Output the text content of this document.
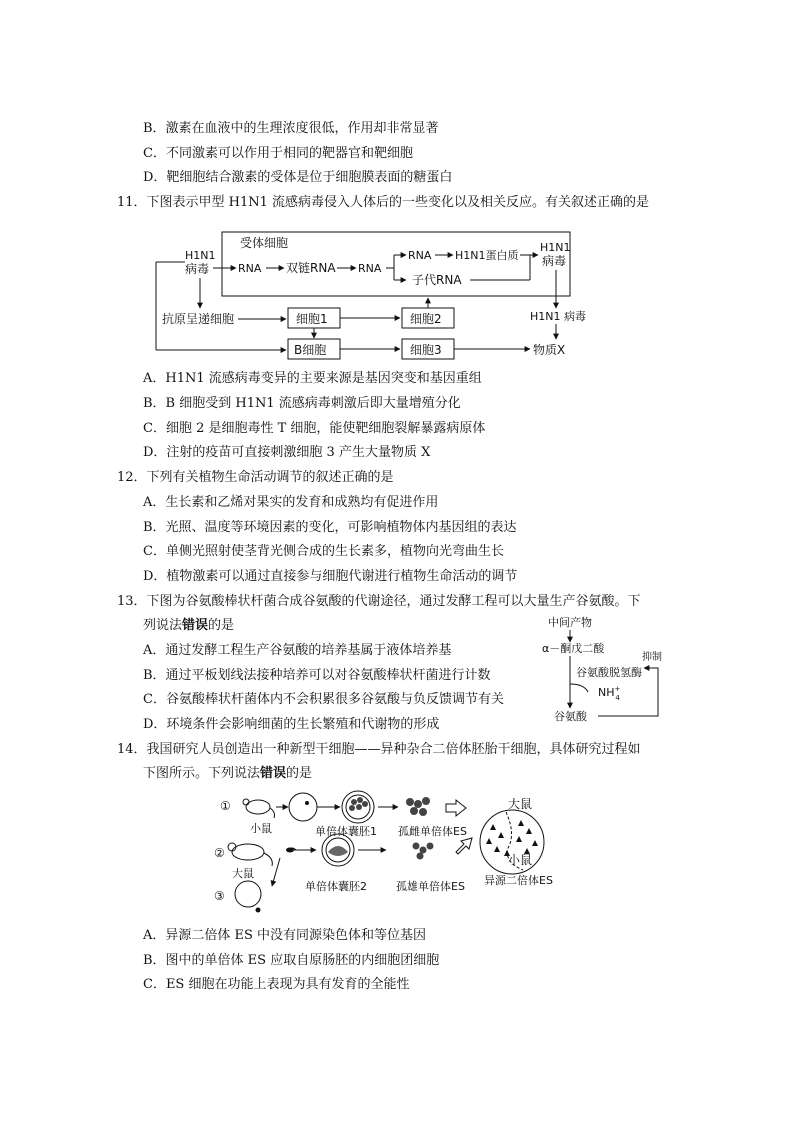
B．激素在血液中的生理浓度很低，作用却非常显著
C．不同激素可以作用于相同的靶器官和靶细胞
D．靶细胞结合激素的受体是位于细胞膜表面的糖蛋白
11．下图表示甲型 H1N1 流感病毒侵入人体后的一些变化以及相关反应。有关叙述正确的是
受体细胞
H1N1
病毒	RNA 双链RNA RNA
RNA H1N1蛋白质
子代RNA
H1N1
病毒
H1N1 病毒
抗原呈递细胞	细胞1	细胞2
B细胞	细胞3	物质X
A．H1N1 流感病毒变异的主要来源是基因突变和基因重组
B．B 细胞受到 H1N1 流感病毒刺激后即大量增殖分化
C．细胞 2 是细胞毒性 T 细胞，能使靶细胞裂解暴露病原体
D．注射的疫苗可直接刺激细胞 3 产生大量物质 X
12．下列有关植物生命活动调节的叙述正确的是
A．生长素和乙烯对果实的发育和成熟均有促进作用
B．光照、温度等环境因素的变化，可影响植物体内基因组的表达
C．单侧光照射使茎背光侧合成的生长素多，植物向光弯曲生长
D．植物激素可以通过直接参与细胞代谢进行植物生命活动的调节
13．下图为谷氨酸棒状杆菌合成谷氨酸的代谢途径，通过发酵工程可以大量生产谷氨酸。下
列说法错误的是
A．通过发酵工程生产谷氨酸的培养基属于液体培养基
B．通过平板划线法接种培养可以对谷氨酸棒状杆菌进行计数
C．谷氨酸棒状杆菌体内不会积累很多谷氨酸与负反馈调节有关
D．环境条件会影响细菌的生长繁殖和代谢物的形成
中间产物
α－酮戊二酸
谷氨酸脱氢酶
NH+ 4
抑制
谷氨酸
14．我国研究人员创造出一种新型干细胞——异种杂合二倍体胚胎干细胞，具体研究过程如
下图所示。下列说法错误的是
①
小鼠	单倍体囊胚1 孤雌单倍体ES
②
大鼠
单倍体囊胚2	孤雄单倍体ES
③
大鼠
小鼠
异源二倍体ES
A．异源二倍体 ES 中没有同源染色体和等位基因
B．图中的单倍体 ES 应取自原肠胚的内细胞团细胞
C．ES 细胞在功能上表现为具有发育的全能性
